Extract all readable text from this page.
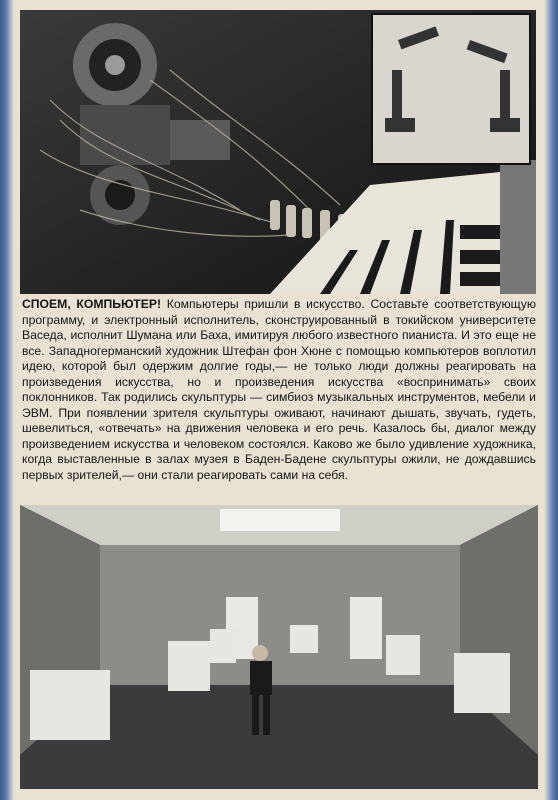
СПОЕМ, КОМПЬЮТЕР! Компьютеры пришли в искусство. Составьте соответствующую программу, и электронный исполнитель, сконструированный в токийском университете Васеда, исполнит Шумана или Баха, имитируя любого известного пианиста. И это еще не все. Западногерманский художник Штефан фон Хюне с помощью компьютеров воплотил идею, которой был одержим долгие годы,— не только люди должны реагировать на произведения искусства, но и произведения искусства «воспринимать» своих поклонников. Так родились скульптуры — симбиоз музыкальных инструментов, мебели и ЭВМ. При появлении зрителя скульптуры оживают, начинают дышать, звучать, гудеть, шевелиться, «отвечать» на движения человека и его речь. Казалось бы, диалог между произведением искусства и человеком состоялся. Каково же было удивление художника, когда выставленные в залах музея в Баден-Бадене скульптуры ожили, не дождавшись первых зрителей,— они стали реагировать сами на себя.
